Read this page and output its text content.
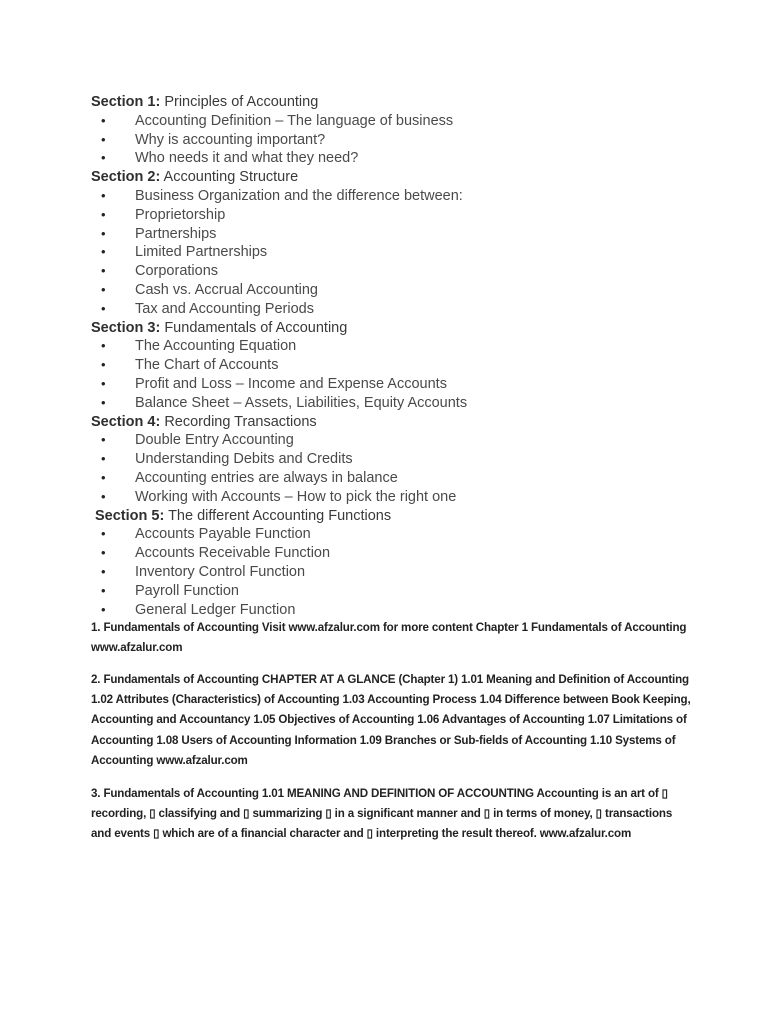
Section 1: Principles of Accounting
• Accounting Definition – The language of business
• Why is accounting important?
• Who needs it and what they need?
Section 2: Accounting Structure
• Business Organization and the difference between:
• Proprietorship
• Partnerships
• Limited Partnerships
• Corporations
• Cash vs. Accrual Accounting
• Tax and Accounting Periods
Section 3: Fundamentals of Accounting
• The Accounting Equation
• The Chart of Accounts
• Profit and Loss – Income and Expense Accounts
• Balance Sheet – Assets, Liabilities, Equity Accounts
Section 4: Recording Transactions
• Double Entry Accounting
• Understanding Debits and Credits
• Accounting entries are always in balance
• Working with Accounts – How to pick the right one
Section 5: The different Accounting Functions
• Accounts Payable Function
• Accounts Receivable Function
• Inventory Control Function
• Payroll Function
• General Ledger Function
1. Fundamentals of Accounting Visit www.afzalur.com for more content Chapter 1 Fundamentals of Accounting www.afzalur.com
2. Fundamentals of Accounting CHAPTER AT A GLANCE (Chapter 1) 1.01 Meaning and Definition of Accounting 1.02 Attributes (Characteristics) of Accounting 1.03 Accounting Process 1.04 Difference between Book Keeping, Accounting and Accountancy 1.05 Objectives of Accounting 1.06 Advantages of Accounting 1.07 Limitations of Accounting 1.08 Users of Accounting Information 1.09 Branches or Sub-fields of Accounting 1.10 Systems of Accounting www.afzalur.com
3. Fundamentals of Accounting 1.01 MEANING AND DEFINITION OF ACCOUNTING Accounting is an art of ▯ recording, ▯ classifying and ▯ summarizing ▯ in a significant manner and ▯ in terms of money, ▯ transactions and events ▯ which are of a financial character and ▯ interpreting the result thereof. www.afzalur.com
